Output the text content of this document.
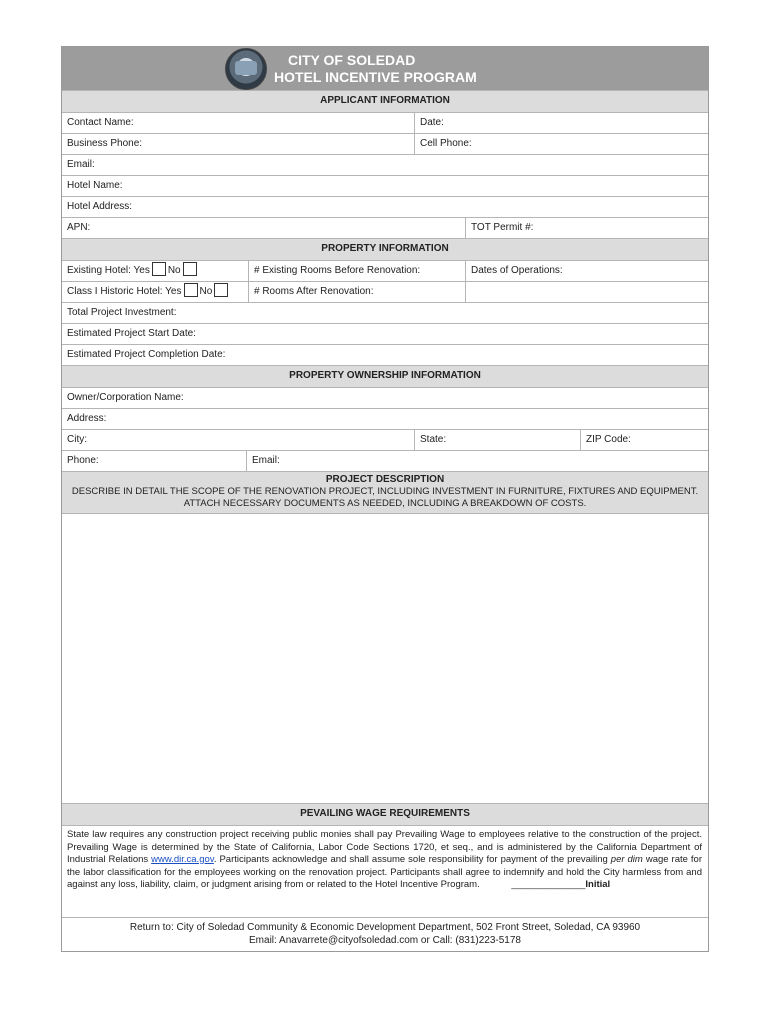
CITY OF SOLEDAD
HOTEL INCENTIVE PROGRAM
APPLICANT INFORMATION
Contact Name:	Date:
Business Phone:	Cell Phone:
Email:
Hotel Name:
Hotel Address:
APN:	TOT Permit #:
PROPERTY INFORMATION
Existing Hotel: Yes No	# Existing Rooms Before Renovation:	Dates of Operations:
Class I Historic Hotel: Yes No	# Rooms After Renovation:
Total Project Investment:
Estimated Project Start Date:
Estimated Project Completion Date:
PROPERTY OWNERSHIP INFORMATION
Owner/Corporation Name:
Address:
City:	State:	ZIP Code:
Phone:	Email:
PROJECT DESCRIPTION
DESCRIBE IN DETAIL THE SCOPE OF THE RENOVATION PROJECT, INCLUDING INVESTMENT IN FURNITURE, FIXTURES AND EQUIPMENT.
ATTACH NECESSARY DOCUMENTS AS NEEDED, INCLUDING A BREAKDOWN OF COSTS.
PEVAILING WAGE REQUIREMENTS
State law requires any construction project receiving public monies shall pay Prevailing Wage to employees relative to the construction of the project. Prevailing Wage is determined by the State of California, Labor Code Sections 1720, et seq., and is administered by the California Department of Industrial Relations www.dir.ca.gov. Participants acknowledge and shall assume sole responsibility for payment of the prevailing per dim wage rate for the labor classification for the employees working on the renovation project. Participants shall agree to indemnify and hold the City harmless from and against any loss, liability, claim, or judgment arising from or related to the Hotel Incentive Program.	______________Initial
Return to: City of Soledad Community & Economic Development Department, 502 Front Street, Soledad, CA 93960
Email: Anavarrete@cityofsoledad.com or Call: (831)223-5178
